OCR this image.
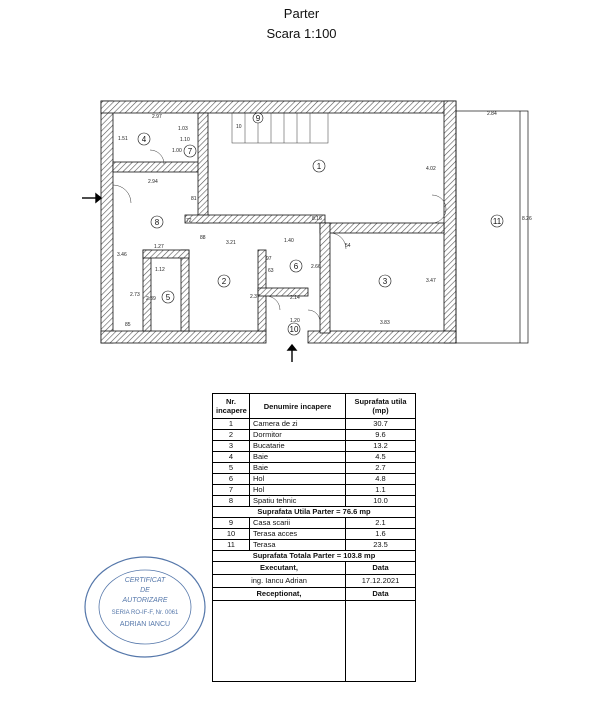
Parter
Scara 1:100
1
2	3
4
5
6
7
8
9
10
11
2.97
1.03
1.10
1.51
1.00
2.94
81
72	8.16
88
3.21	1.40
1.27
1.12
3.46
2.73
2.39
85
2.37
97
63
2.14
1.20
2.66
3.83
3.47
54
4.02
2.84
8.26
10
Nr. incapere	Denumire incapere	Suprafata utila (mp)
1	Camera de zi	30.7
2	Dormitor	9.6
3	Bucatarie	13.2
4	Baie	4.5
5	Baie	2.7
6	Hol	4.8
7	Hol	1.1
8	Spatiu tehnic	10.0
Suprafata Utila Parter = 76.6 mp		
9	Casa scarii	2.1
10	Terasa acces	1.6
11	Terasa	23.5
Suprafata Totala Parter = 103.8 mp		
Executant,		Data
ing. Iancu Adrian		17.12.2021
Receptionat,		Data

CERTIFICAT
DE
AUTORIZARE
SERIA RO-IF-F, Nr. 0061
ADRIAN IANCU
